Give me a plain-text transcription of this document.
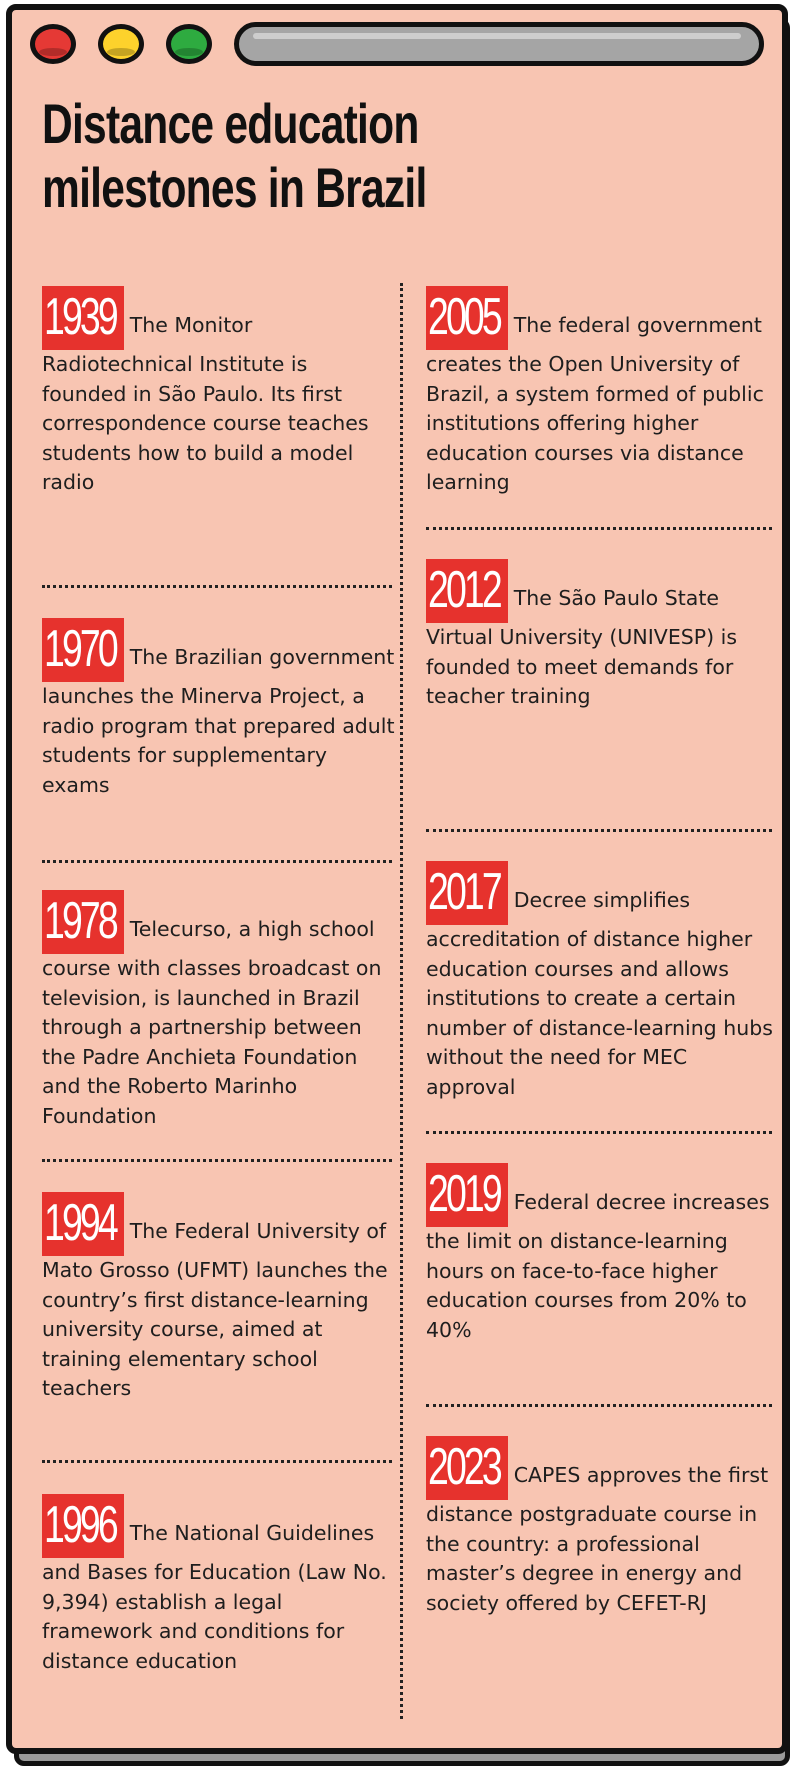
Distance education milestones in Brazil
1939 The Monitor Radiotechnical Institute is founded in São Paulo. Its first correspondence course teaches students how to build a model radio
1970 The Brazilian government launches the Minerva Project, a radio program that prepared adult students for supplementary exams
1978 Telecurso, a high school course with classes broadcast on television, is launched in Brazil through a partnership between the Padre Anchieta Foundation and the Roberto Marinho Foundation
1994 The Federal University of Mato Grosso (UFMT) launches the country’s first distance-learning university course, aimed at training elementary school teachers
1996 The National Guidelines and Bases for Education (Law No. 9,394) establish a legal framework and conditions for distance education
2005 The federal government creates the Open University of Brazil, a system formed of public institutions offering higher education courses via distance learning
2012 The São Paulo State Virtual University (UNIVESP) is founded to meet demands for teacher training
2017 Decree simplifies accreditation of distance higher education courses and allows institutions to create a certain number of distance-learning hubs without the need for MEC approval
2019 Federal decree increases the limit on distance-learning hours on face-to-face higher education courses from 20% to 40%
2023 CAPES approves the first distance postgraduate course in the country: a professional master’s degree in energy and society offered by CEFET-RJ
